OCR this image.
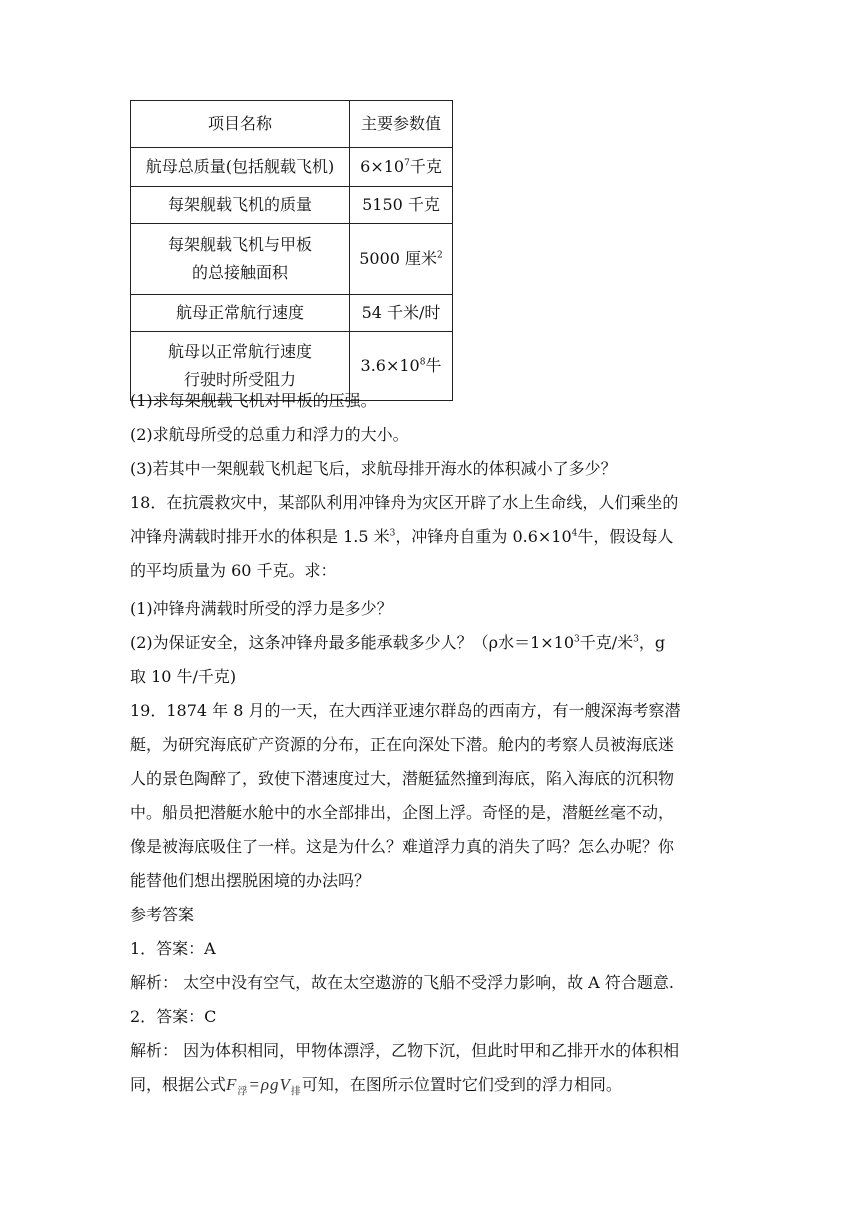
项目名称	主要参数值
航母总质量(包括舰载飞机)	$6\times 10^7$千克
每架舰载飞机的质量	5150 千克
每架舰载飞机与甲板
的总接触面积	5000 厘米$^2$
航母正常航行速度	54 千米/时
航母以正常航行速度
行驶时所受阻力	$3.6\times 10^8$牛
(1)求每架舰载飞机对甲板的压强。
(2)求航母所受的总重力和浮力的大小。
(3)若其中一架舰载飞机起飞后，求航母排开海水的体积减小了多少？
18．在抗震救灾中，某部队利用冲锋舟为灾区开辟了水上生命线，人们乘坐的
冲锋舟满载时排开水的体积是 1.5 米$^3$，冲锋舟自重为 $0.6\times 10^4$牛，假设每人
的平均质量为 60 千克。求：
(1)冲锋舟满载时所受的浮力是多少？
(2)为保证安全，这条冲锋舟最多能承载多少人？（ρ水$=1\times 10^3$千克/米$^3$，g
取 10 牛/千克)
19．1874 年 8 月的一天，在大西洋亚速尔群岛的西南方，有一艘深海考察潜
艇，为研究海底矿产资源的分布，正在向深处下潜。舱内的考察人员被海底迷
人的景色陶醉了，致使下潜速度过大，潜艇猛然撞到海底，陷入海底的沉积物
中。船员把潜艇水舱中的水全部排出，企图上浮。奇怪的是，潜艇丝毫不动，
像是被海底吸住了一样。这是为什么？难道浮力真的消失了吗？怎么办呢？你
能替他们想出摆脱困境的办法吗？
参考答案
1．答案：A
解析： 太空中没有空气，故在太空遨游的飞船不受浮力影响，故 A 符合题意.
2．答案：C
解析： 因为体积相同，甲物体漂浮，乙物下沉，但此时甲和乙排开水的体积相
同，根据公式$F_浮=\rho gV_排$可知，在图所示位置时它们受到的浮力相同。
